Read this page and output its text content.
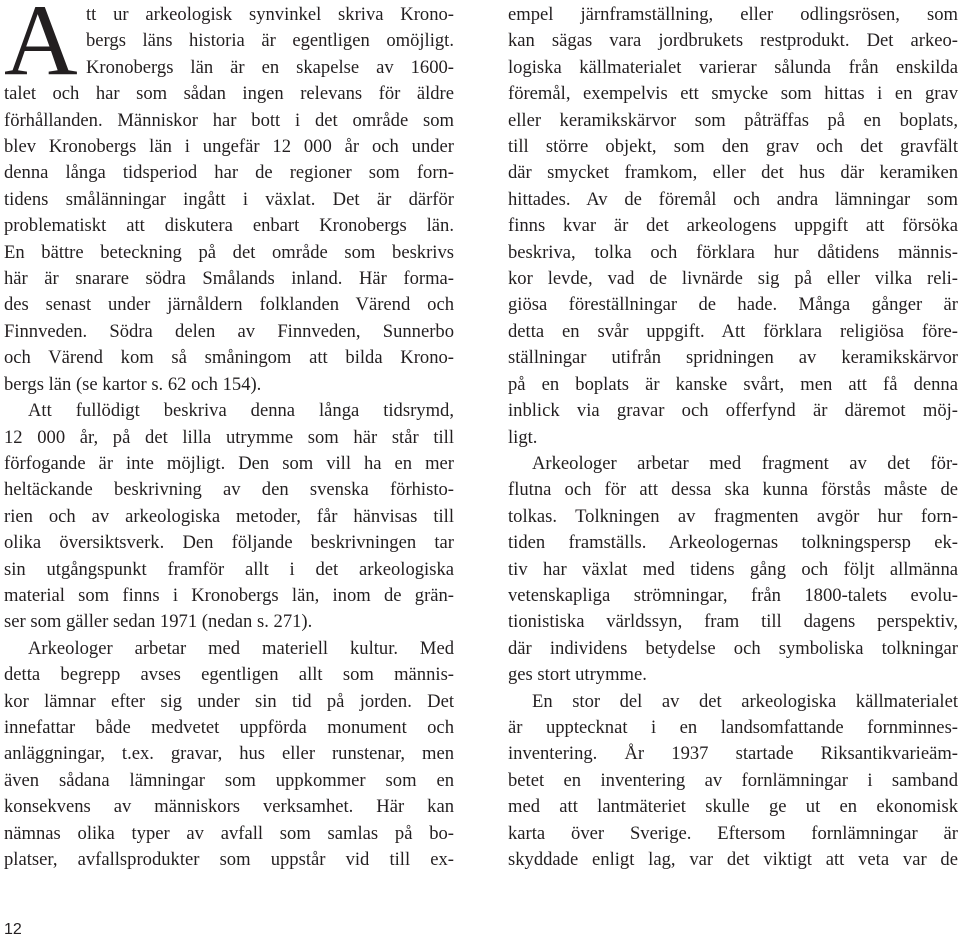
A tt ur arkeologisk synvinkel skriva Krono-
bergs läns historia är egentligen omöjligt.
Kronobergs län är en skapelse av 1600-
talet och har som sådan ingen relevans för äldre
förhållanden. Människor har bott i det område som
blev Kronobergs län i ungefär 12 000 år och under
denna långa tidsperiod har de regioner som forn-
tidens smålänningar ingått i växlat. Det är därför
problematiskt att diskutera enbart Kronobergs län.
En bättre beteckning på det område som beskrivs
här är snarare södra Smålands inland. Här forma-
des senast under järnåldern folklanden Värend och
Finnveden. Södra delen av Finnveden, Sunnerbo
och Värend kom så småningom att bilda Krono-
bergs län (se kartor s. 62 och 154).
Att fullödigt beskriva denna långa tidsrymd,
12 000 år, på det lilla utrymme som här står till
förfogande är inte möjligt. Den som vill ha en mer
heltäckande beskrivning av den svenska förhisto-
rien och av arkeologiska metoder, får hänvisas till
olika översiktsverk. Den följande beskrivningen tar
sin utgångspunkt framför allt i det arkeologiska
material som finns i Kronobergs län, inom de grän-
ser som gäller sedan 1971 (nedan s. 271).
Arkeologer arbetar med materiell kultur. Med
detta begrepp avses egentligen allt som männis-
kor lämnar efter sig under sin tid på jorden. Det
innefattar både medvetet uppförda monument och
anläggningar, t.ex. gravar, hus eller runstenar, men
även sådana lämningar som uppkommer som en
konsekvens av människors verksamhet. Här kan
nämnas olika typer av avfall som samlas på bo-
platser, avfallsprodukter som uppstår vid till ex-
empel järnframställning, eller odlingsrösen, som
kan sägas vara jordbrukets restprodukt. Det arkeo-
logiska källmaterialet varierar sålunda från enskilda
föremål, exempelvis ett smycke som hittas i en grav
eller keramikskärvor som påträffas på en boplats,
till större objekt, som den grav och det gravfält
där smycket framkom, eller det hus där keramiken
hittades. Av de föremål och andra lämningar som
finns kvar är det arkeologens uppgift att försöka
beskriva, tolka och förklara hur dåtidens männis-
kor levde, vad de livnärde sig på eller vilka reli-
giösa föreställningar de hade. Många gånger är
detta en svår uppgift. Att förklara religiösa före-
ställningar utifrån spridningen av keramikskärvor
på en boplats är kanske svårt, men att få denna
inblick via gravar och offerfynd är däremot möj-
ligt.
Arkeologer arbetar med fragment av det för-
flutna och för att dessa ska kunna förstås måste de
tolkas. Tolkningen av fragmenten avgör hur forn-
tiden framställs. Arkeologernas tolkningspersp ek-
tiv har växlat med tidens gång och följt allmänna
vetenskapliga strömningar, från 1800-talets evolu-
tionistiska världssyn, fram till dagens perspektiv,
där individens betydelse och symboliska tolkningar
ges stort utrymme.
En stor del av det arkeologiska källmaterialet
är upptecknat i en landsomfattande fornminnes-
inventering. År 1937 startade Riksantikvarieäm-
betet en inventering av fornlämningar i samband
med att lantmäteriet skulle ge ut en ekonomisk
karta över Sverige. Eftersom fornlämningar är
skyddade enligt lag, var det viktigt att veta var de
12
